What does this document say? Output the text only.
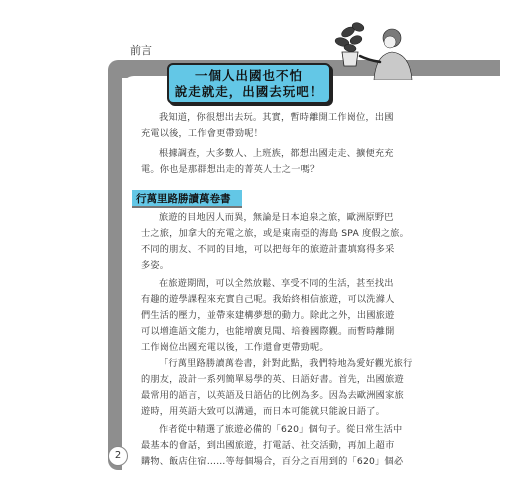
前言
一個人出國也不怕
說走就走，出國去玩吧！

我知道，你很想出去玩。其實，暫時離開工作崗位，出國

充電以後，工作會更帶勁呢！

根據調查，大多數人、上班族，都想出國走走、擴便充充

電。你也是那群想出走的菁英人士之一嗎？

行萬里路勝讀萬卷書

旅遊的目地因人而異，無論是日本追泉之旅，歐洲原野巴

士之旅，加拿大的充電之旅，或是東南亞的海島 SPA 度假之旅。

不同的朋友、不同的目地，可以把每年的旅遊計畫填寫得多采

多姿。

在旅遊期間，可以全然放鬆、享受不同的生活，甚至找出

有趣的遊學課程來充實自己呢。我始終相信旅遊，可以洗滌人

們生活的壓力，並帶來建構夢想的動力。除此之外，出國旅遊

可以增進語文能力，也能增廣見聞、培養國際觀。而暫時離開

工作崗位出國充電以後，工作還會更帶勁呢。

「行萬里路勝讀萬卷書，針對此點，我們特地為愛好觀光旅行

的朋友，設計一系列簡單易學的英、日語好書。首先，出國旅遊

最常用的語言，以英語及日語佔的比例為多。因為去歐洲國家旅

遊時，用英語大致可以溝通，而日本可能就只能說日語了。

作者從中精選了旅遊必備的「620」個句子。從日常生活中

最基本的會話，到出國旅遊，打電話、社交活動，再加上超市

購物、飯店住宿……等每個場合，百分之百用到的「620」個必

2
